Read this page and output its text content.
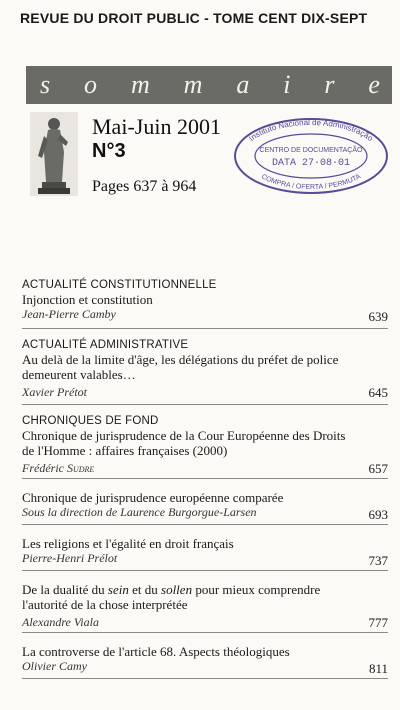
REVUE DU DROIT PUBLIC - TOME CENT DIX-SEPT
s o m m a i r e
Mai-Juin 2001
N°3
Pages 637 à 964
Instituto Nacional de Administração
CENTRO DE DOCUMENTAÇÃO
DATA 27·08·01
COMPRA / OFERTA / PERMUTA
ACTUALITÉ CONSTITUTIONNELLE
Injonction et constitution
Jean-Pierre Camby	639
ACTUALITÉ ADMINISTRATIVE
Au delà de la limite d'âge, les délégations du préfet de police demeurent valables…
Xavier Prétot	645
CHRONIQUES DE FOND
Chronique de jurisprudence de la Cour Européenne des Droits de l'Homme : affaires françaises (2000)
Frédéric Sudre	657
Chronique de jurisprudence européenne comparée
Sous la direction de Laurence Burgorgue-Larsen	693
Les religions et l'égalité en droit français
Pierre-Henri Prélot	737
De la dualité du sein et du sollen pour mieux comprendre l'autorité de la chose interprétée
Alexandre Viala	777
La controverse de l'article 68. Aspects théologiques
Olivier Camy	811
